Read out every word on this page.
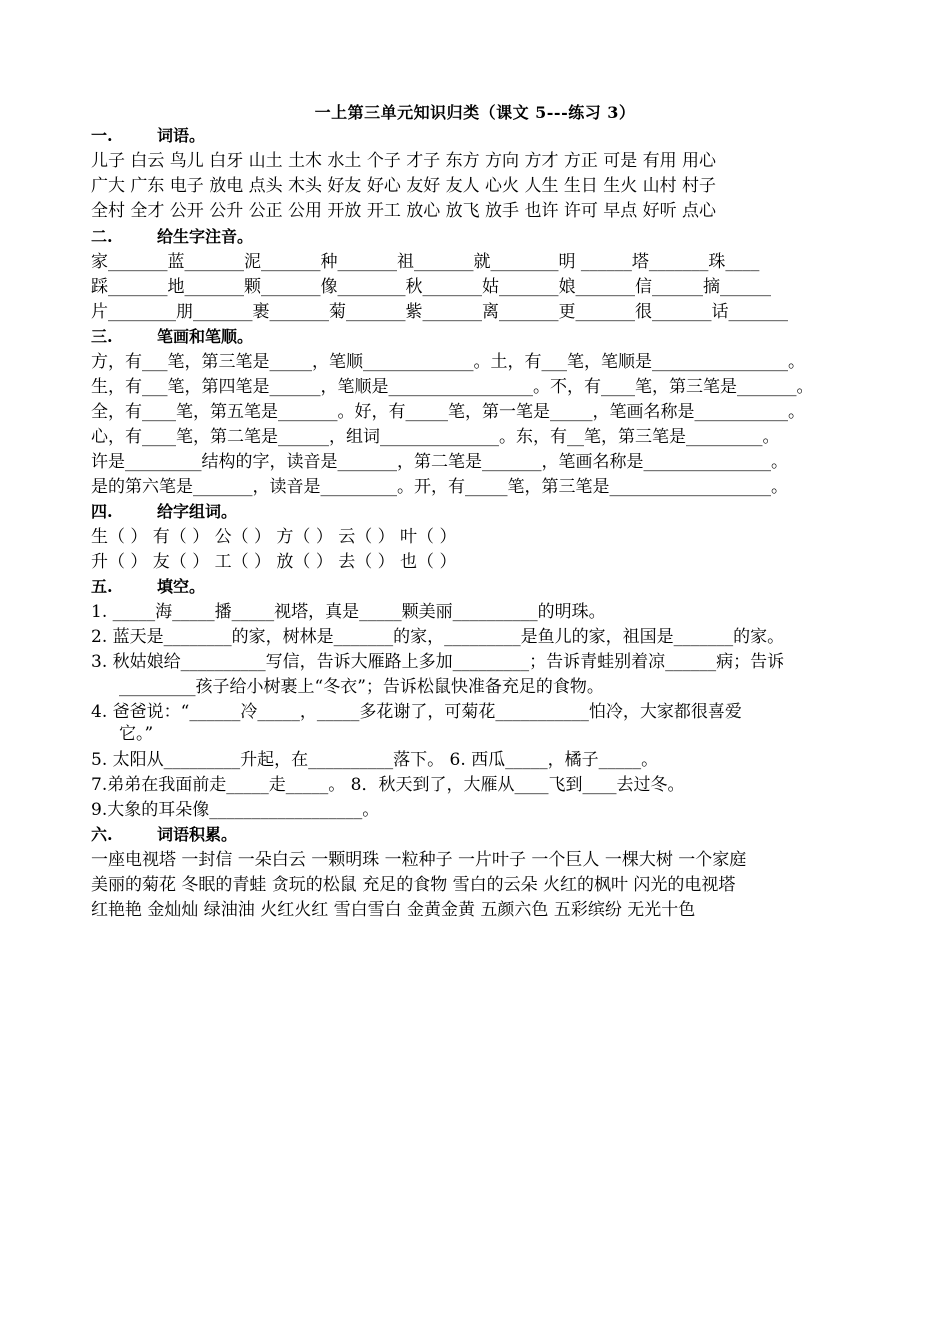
一上第三单元知识归类（课文 5---练习 3）
一.	词语。
儿子 白云 鸟儿 白牙 山土 土木 水土 个子 才子 东方 方向 方才 方正 可是 有用 用心
广大 广东 电子 放电 点头 木头 好友 好心 友好 友人 心火 人生 生日 生火 山村 村子
全村 全才 公开 公升 公正 公用 开放 开工 放心 放飞 放手 也许 许可 早点 好听 点心
二.	给生字注音。
家_______蓝_______泥_______种_______祖_______就________明 ______塔_______珠____
踩_______地_______颗_______像________秋_______姑_______娘_______信______摘______
片________朋_______裹_______菊_______紫_______离_______更_______很_______话_______
三.	笔画和笔顺。
方，有___笔，第三笔是_____，笔顺_____________。土，有___笔，笔顺是________________。
生，有___笔，第四笔是______，笔顺是_________________。不，有____笔，第三笔是_______。
全，有____笔，第五笔是_______。好，有_____笔，第一笔是_____，笔画名称是___________。
心，有____笔，第二笔是______，组词______________。东，有__笔，第三笔是_________。
许是_________结构的字，读音是_______，第二笔是_______，笔画名称是_______________。
是的第六笔是_______，读音是_________。开，有_____笔，第三笔是___________________。
四.	给字组词。
生（ ） 有（ ） 公（ ） 方（ ） 云（ ） 叶（ ）
升（ ） 友（ ） 工（ ） 放（ ） 去（ ） 也（ ）
五.	填空。
1. _____海_____播_____视塔，真是_____颗美丽__________的明珠。
2. 蓝天是________的家，树林是_______的家，_________是鱼儿的家，祖国是_______的家。
3. 秋姑娘给__________写信，告诉大雁路上多加_________；告诉青蛙别着凉______病；告诉
_________孩子给小树裹上“冬衣”；告诉松鼠快准备充足的食物。
4. 爸爸说：“______冷_____，_____多花谢了，可菊花___________怕冷，大家都很喜爱
它。”
5. 太阳从_________升起，在__________落下。 6. 西瓜_____，橘子_____。
7.弟弟在我面前走_____走_____。 8．秋天到了，大雁从____飞到____去过冬。
9.大象的耳朵像__________________。
六.	词语积累。
一座电视塔 一封信 一朵白云 一颗明珠 一粒种子 一片叶子 一个巨人 一棵大树 一个家庭
美丽的菊花 冬眠的青蛙 贪玩的松鼠 充足的食物 雪白的云朵 火红的枫叶 闪光的电视塔
红艳艳 金灿灿 绿油油 火红火红 雪白雪白 金黄金黄 五颜六色 五彩缤纷 无光十色
